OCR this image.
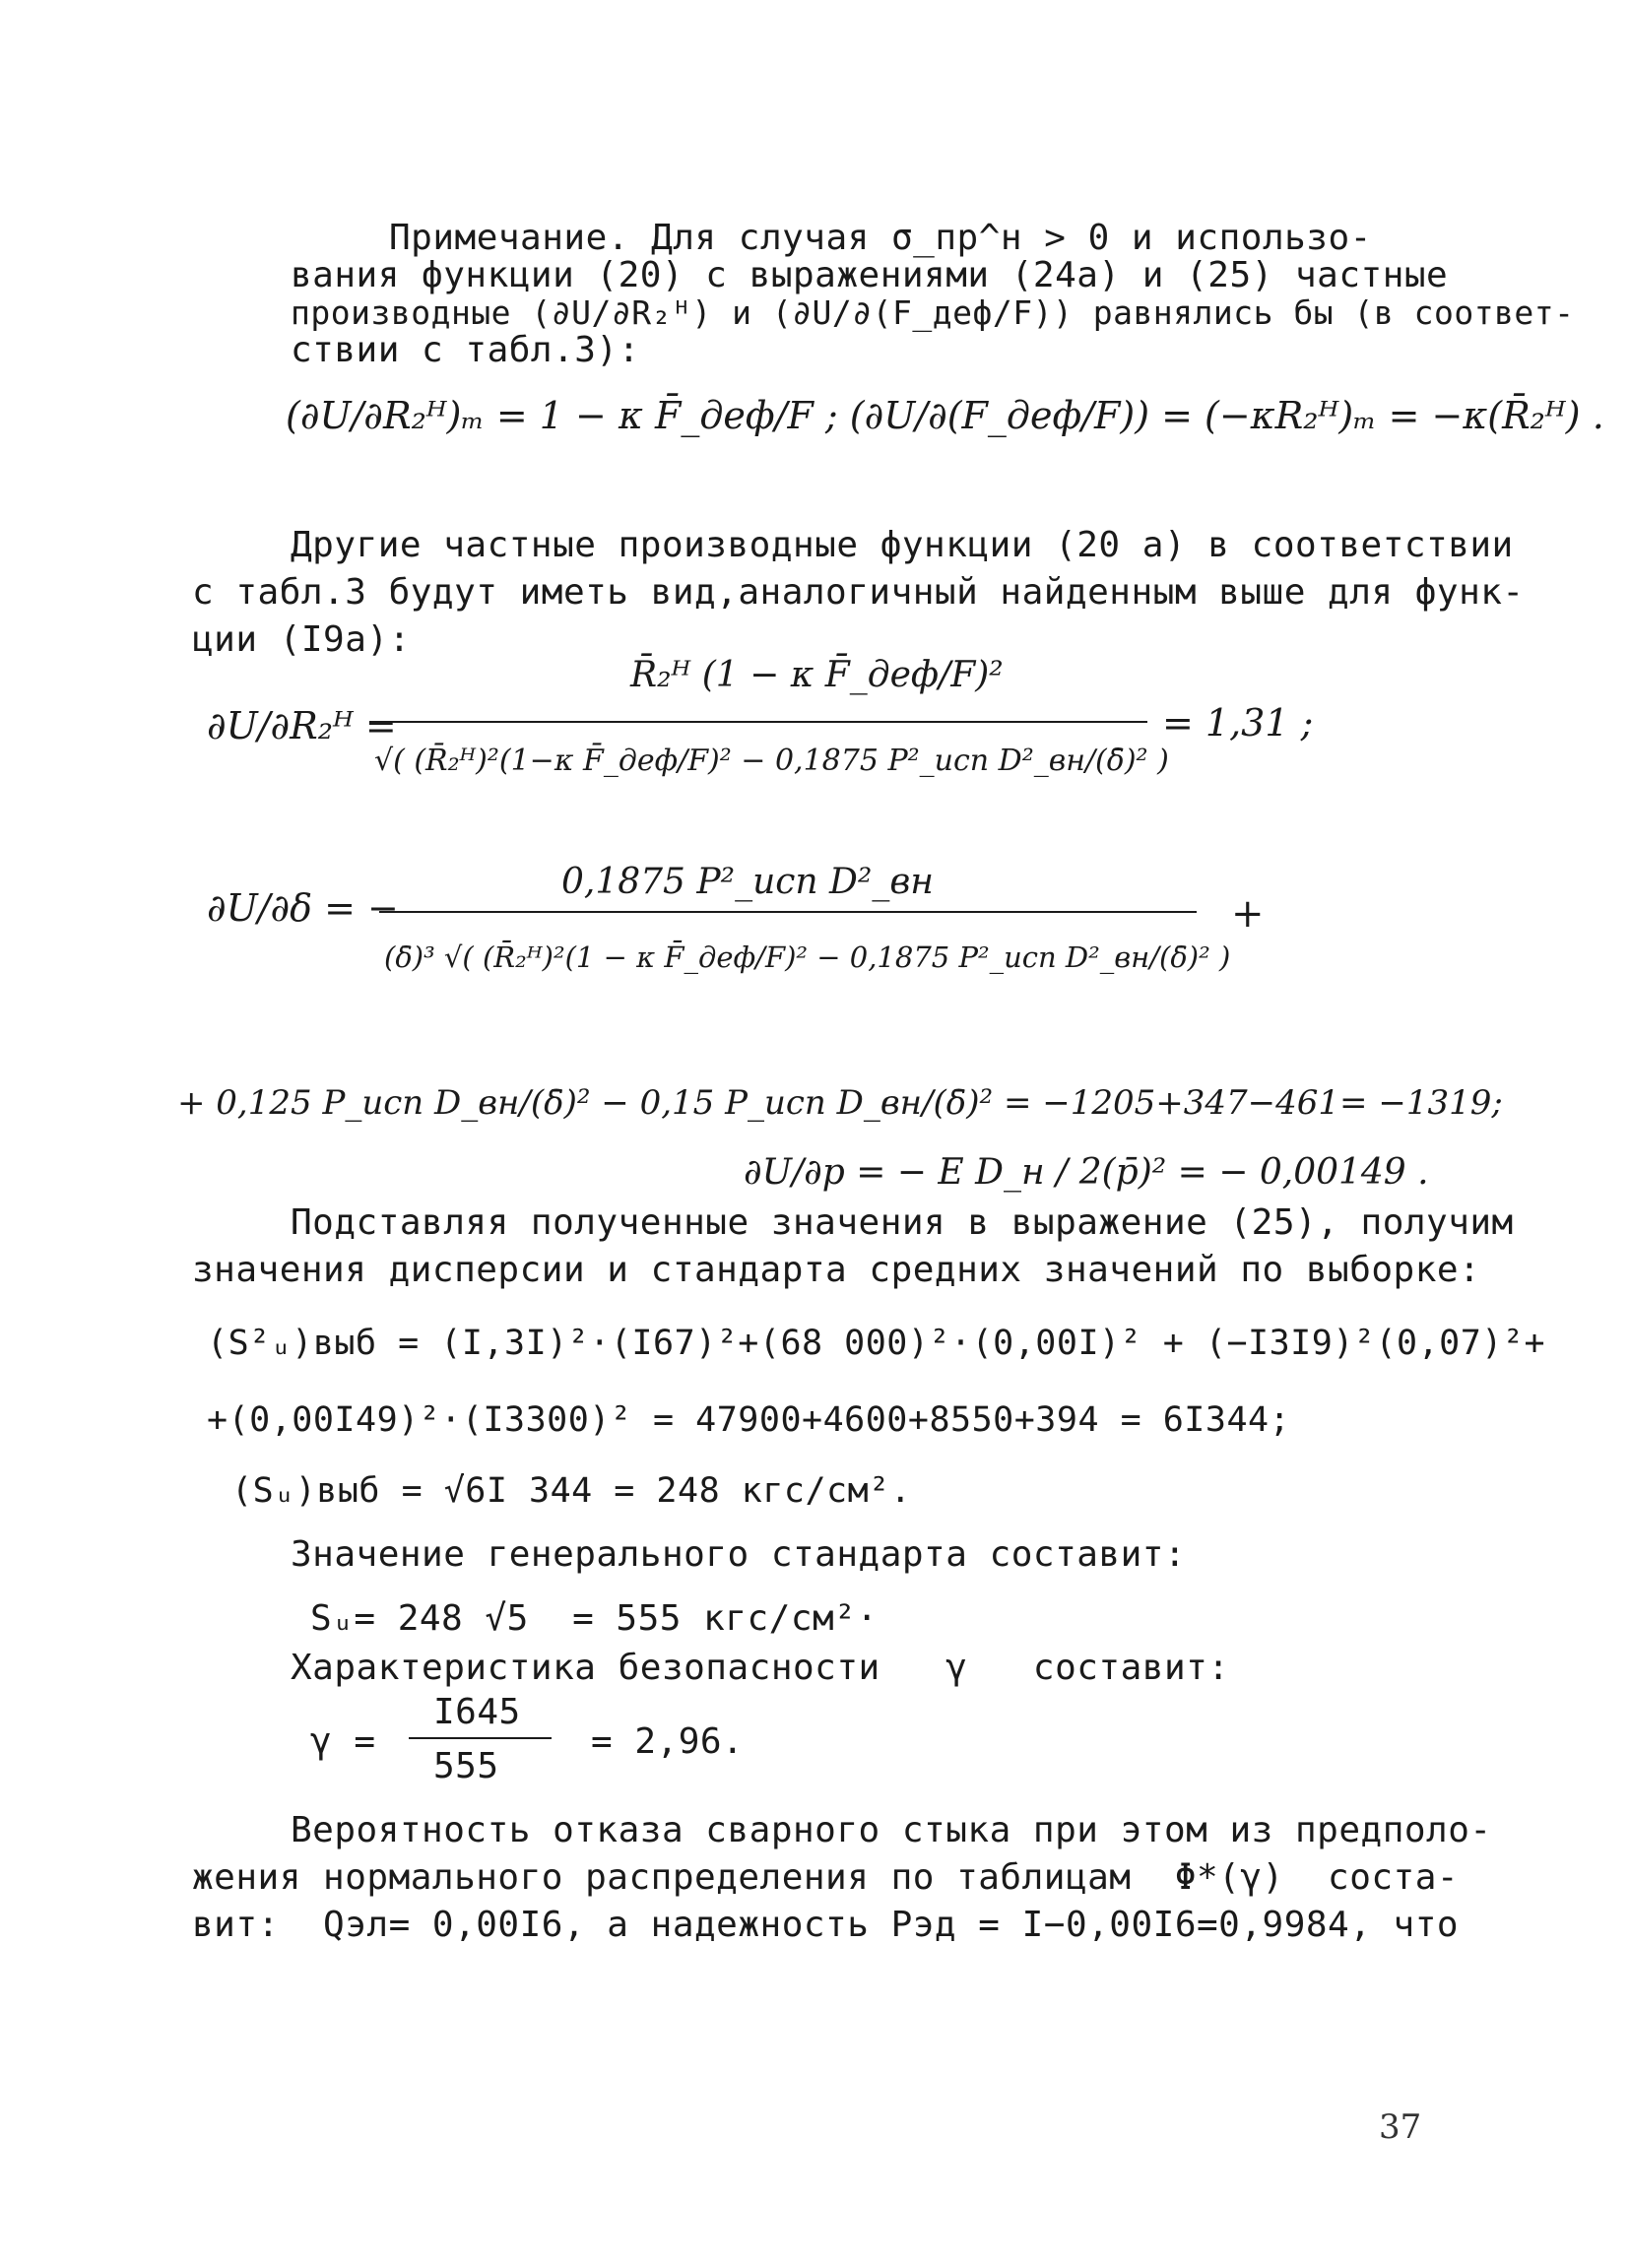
Примечание. Для случая σ_пр^н > 0 и использо-

вания функции (20) с выражениями (24а) и (25) частные

производные (∂U/∂R₂ᴴ) и (∂U/∂(F_деф/F)) равнялись бы (в соответ-

ствии с табл.3):

(∂U/∂R₂ᴴ)ₘ = 1 − κ F̄_деф/F ; (∂U/∂(F_деф/F)) = (−κR₂ᴴ)ₘ = −κ(R̄₂ᴴ) .

Другие частные производные функции (20 а) в соответствии

с табл.3 будут иметь вид,аналогичный найденным выше для функ-

ции (I9а):

∂U/∂R₂ᴴ =
R̄₂ᴴ (1 − κ F̄_деф/F)²
√( (R̄₂ᴴ)²(1−κ F̄_деф/F)² − 0,1875 P²_исп D²_вн/(δ̄)² )
= 1,31 ;
∂U/∂δ = −
0,1875 P²_исп D²_вн
(δ̄)³ √( (R̄₂ᴴ)²(1 − κ F̄_деф/F)² − 0,1875 P²_исп D²_вн/(δ̄)² )
+
+ 0,125 P_исп D_вн/(δ̄)² − 0,15 P_исп D_вн/(δ̄)² = −1205+347−461= −1319;
∂U/∂p = − E D_н / 2(p̄)² = − 0,00149 .

Подставляя полученные значения в выражение (25), получим

значения дисперсии и стандарта средних значений по выборке:

(S²ᵤ)выб = (I,3I)²·(I67)²+(68 000)²·(0,00I)² + (−I3I9)²(0,07)²+

+(0,00I49)²·(I3300)² = 47900+4600+8550+394 = 6I344;

(Sᵤ)выб = √6I 344 = 248 кгс/см².

Значение генерального стандарта составит:

Sᵤ= 248 √5  = 555 кгс/см²·

Характеристика безопасности   γ   составит:

γ =
I645
555
= 2,96.

Вероятность отказа сварного стыка при этом из предполо-

жения нормального распределения по таблицам  Φ*(γ)  соста-

вит:  Qэл= 0,00I6, а надежность Pэд = I−0,00I6=0,9984, что

37
